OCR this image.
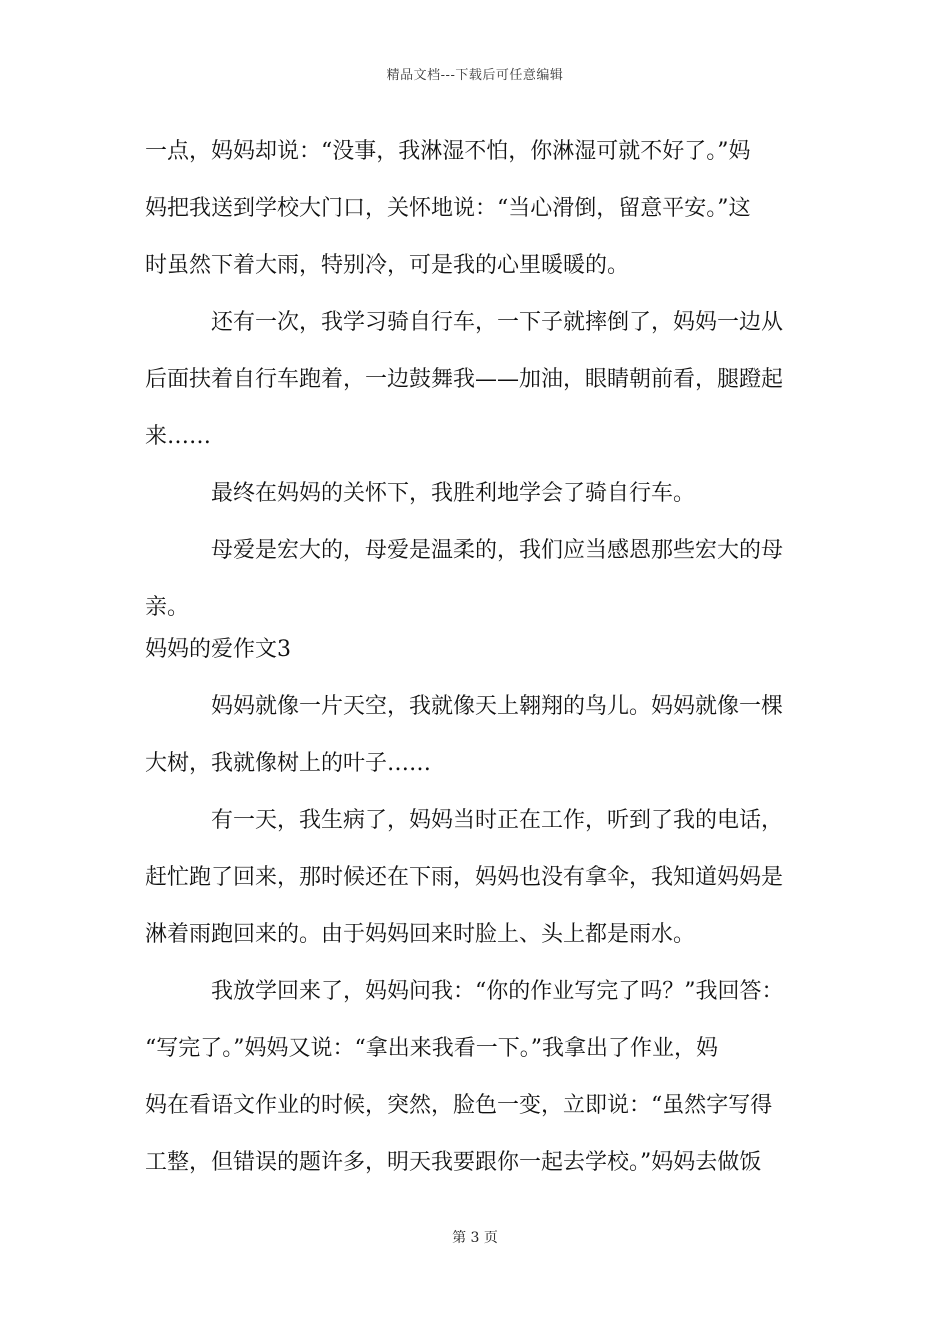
精品文档---下载后可任意编辑
一点，妈妈却说：“没事，我淋湿不怕，你淋湿可就不好了。”妈
妈把我送到学校大门口，关怀地说：“当心滑倒，留意平安。”这
时虽然下着大雨，特别冷，可是我的心里暖暖的。
还有一次，我学习骑自行车，一下子就摔倒了，妈妈一边从
后面扶着自行车跑着，一边鼓舞我——加油，眼睛朝前看，腿蹬起
来……
最终在妈妈的关怀下，我胜利地学会了骑自行车。
母爱是宏大的，母爱是温柔的，我们应当感恩那些宏大的母
亲。
妈妈的爱作文3
妈妈就像一片天空，我就像天上翱翔的鸟儿。妈妈就像一棵
大树，我就像树上的叶子……
有一天，我生病了，妈妈当时正在工作，听到了我的电话，
赶忙跑了回来，那时候还在下雨，妈妈也没有拿伞，我知道妈妈是
淋着雨跑回来的。由于妈妈回来时脸上、头上都是雨水。
我放学回来了，妈妈问我：“你的作业写完了吗？”我回答：
“写完了。”妈妈又说：“拿出来我看一下。”我拿出了作业，妈
妈在看语文作业的时候，突然，脸色一变，立即说：“虽然字写得
工整，但错误的题许多，明天我要跟你一起去学校。”妈妈去做饭
第 3 页
